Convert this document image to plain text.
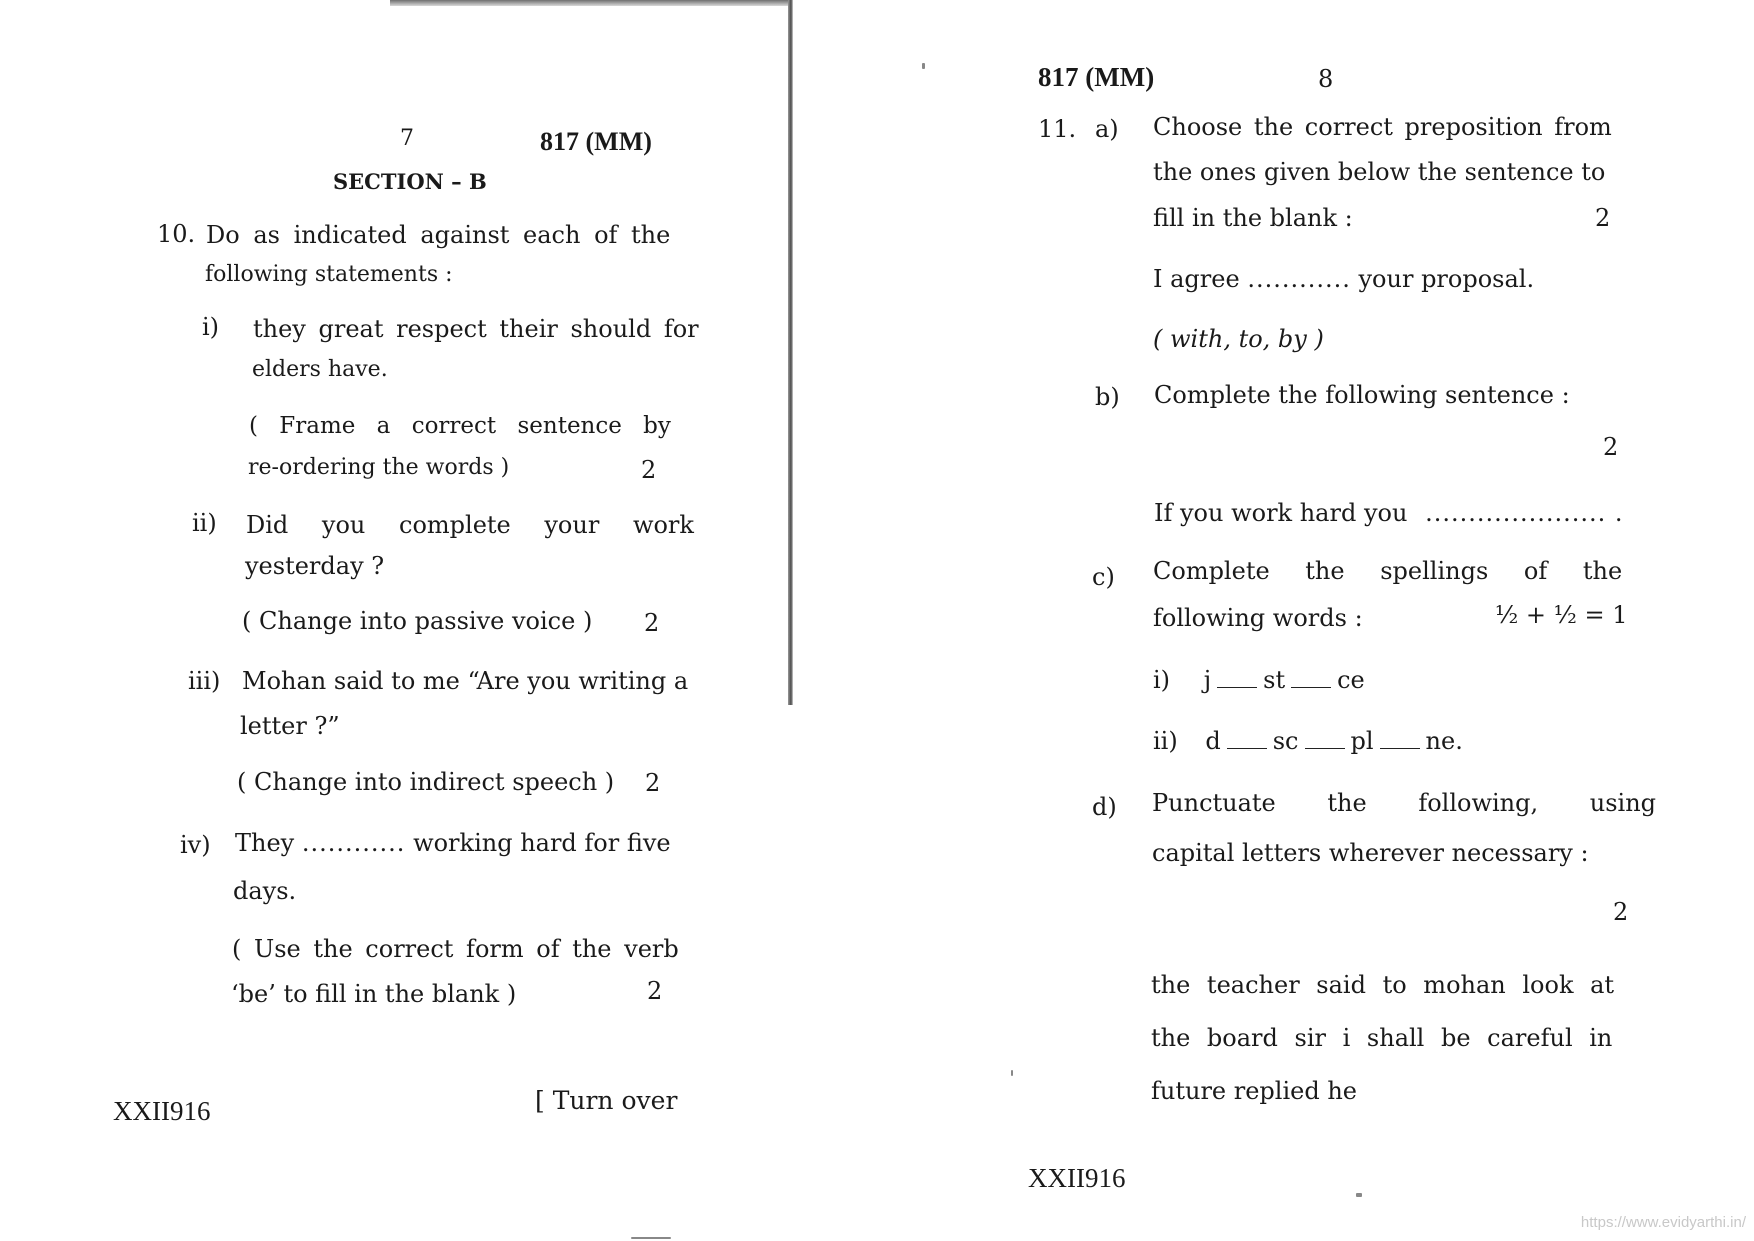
7	817 (MM)
SECTION – B
10. Do as indicated against each of the
following statements :
i) they great respect their should for
elders have.
( Frame a correct sentence by
re-ordering the words )	2
ii) Did you complete your work
yesterday ?
( Change into passive voice ) 2
iii) Mohan said to me “Are you writing a
letter ?”
( Change into indirect speech ) 2
iv) They ............ working hard for five
days.
( Use the correct form of the verb
‘be’ to fill in the blank )	2
XXII916	[ Turn over
817 (MM)	8
11. a) Choose the correct preposition from
the ones given below the sentence to
fill in the blank :	2
I agree ............ your proposal.
( with, to, by )
b) Complete the following sentence :
2
If you work hard you ..................... .
c) Complete the spellings of the
following words :	½ + ½ = 1
i) j st ce
ii) d sc pl ne.
d) Punctuate the following, using
capital letters wherever necessary :
2
the teacher said to mohan look at
the board sir i shall be careful in
future replied he
XXII916
https://www.evidyarthi.in/
